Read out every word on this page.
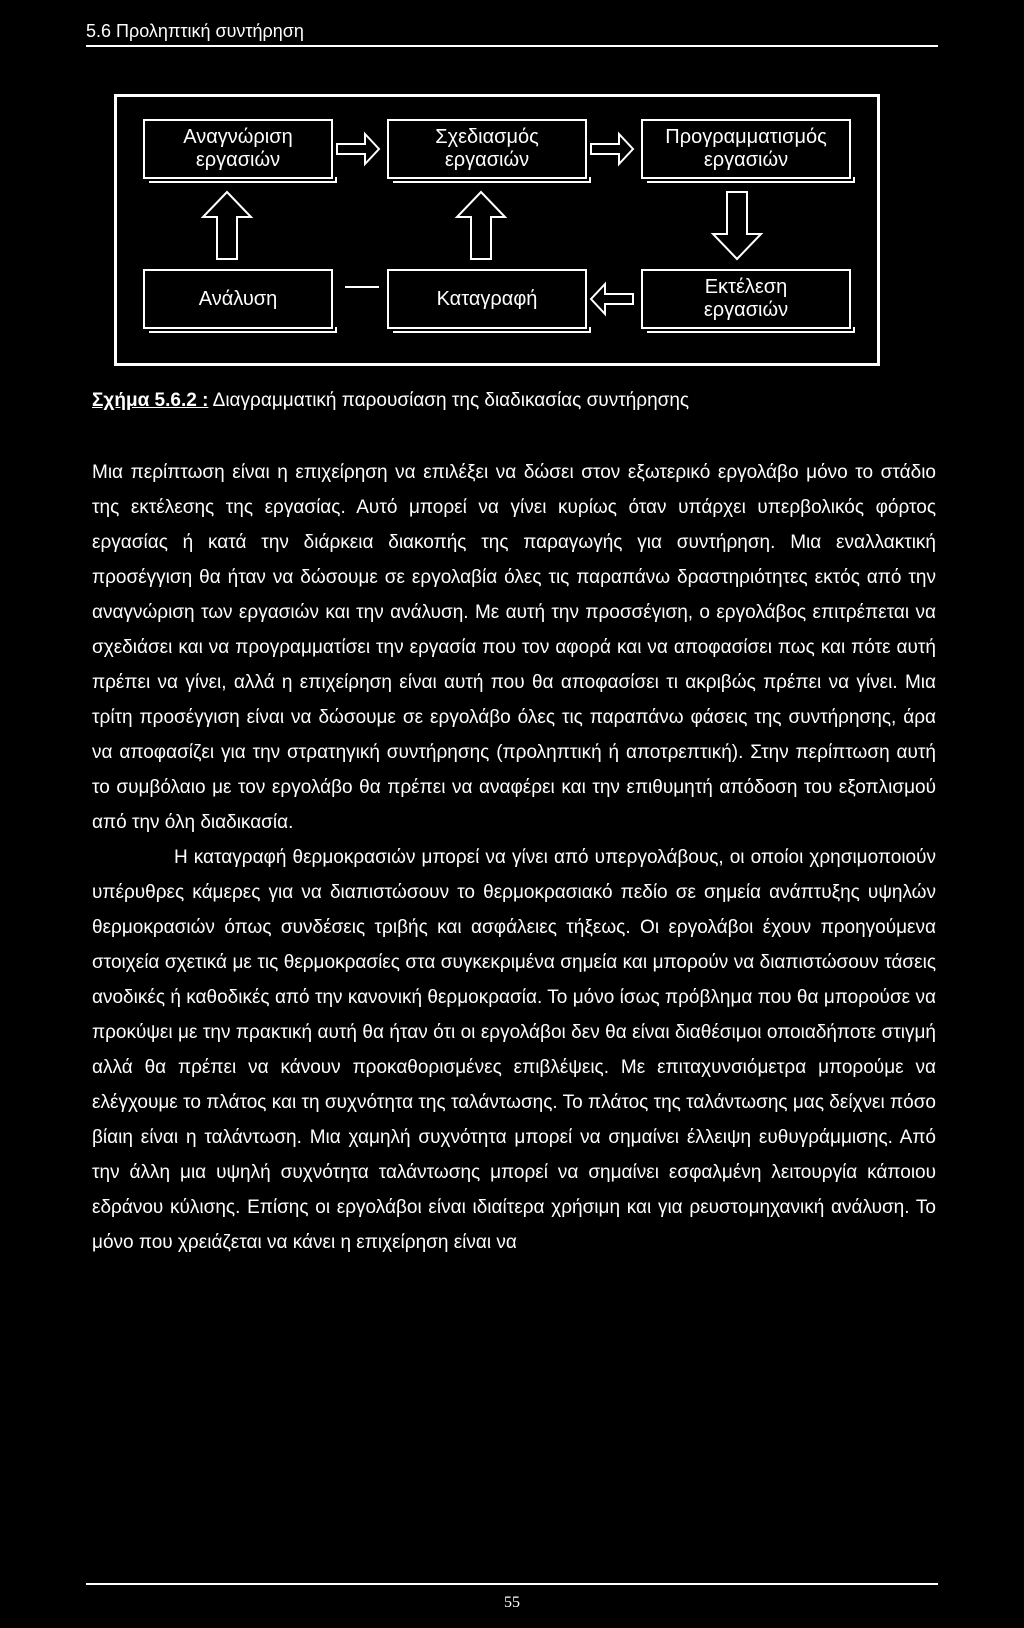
5.6 Προληπτική συντήρηση
Αναγνώριση
εργασιών
Σχεδιασμός
εργασιών
Προγραμματισμός
εργασιών
Ανάλυση	Καταγραφή
Εκτέλεση
εργασιών
Σχήμα 5.6.2 : Διαγραμματική παρουσίαση της διαδικασίας συντήρησης

Μια περίπτωση είναι η επιχείρηση να επιλέξει να δώσει στον εξωτερικό εργολάβο μόνο το στάδιο της εκτέλεσης της εργασίας. Αυτό μπορεί να γίνει κυρίως όταν υπάρχει υπερβολικός φόρτος εργασίας ή κατά την διάρκεια διακοπής της παραγωγής για συντήρηση. Μια εναλλακτική προσέγγιση θα ήταν να δώσουμε σε εργολαβία όλες τις παραπάνω δραστηριότητες εκτός από την αναγνώριση των εργασιών και την ανάλυση. Με αυτή την προσσέγιση, ο εργολάβος επιτρέπεται να σχεδιάσει και να προγραμματίσει την εργασία που τον αφορά και να αποφασίσει πως και πότε αυτή πρέπει να γίνει, αλλά η επιχείρηση είναι αυτή που θα αποφασίσει τι ακριβώς πρέπει να γίνει. Μια τρίτη προσέγγιση είναι να δώσουμε σε εργολάβο όλες τις παραπάνω φάσεις της συντήρησης, άρα να αποφασίζει για την στρατηγική συντήρησης (προληπτική ή αποτρεπτική). Στην περίπτωση αυτή το συμβόλαιο με τον εργολάβο θα πρέπει να αναφέρει και την επιθυμητή απόδοση του εξοπλισμού από την όλη διαδικασία.

Η καταγραφή θερμοκρασιών μπορεί να γίνει από υπεργολάβους, οι οποίοι χρησιμοποιούν υπέρυθρες κάμερες για να διαπιστώσουν το θερμοκρασιακό πεδίο σε σημεία ανάπτυξης υψηλών θερμοκρασιών όπως συνδέσεις τριβής και ασφάλειες τήξεως. Οι εργολάβοι έχουν προηγούμενα στοιχεία σχετικά με τις θερμοκρασίες στα συγκεκριμένα σημεία και μπορούν να διαπιστώσουν τάσεις ανοδικές ή καθοδικές από την κανονική θερμοκρασία. Το μόνο ίσως πρόβλημα που θα μπορούσε να προκύψει με την πρακτική αυτή θα ήταν ότι οι εργολάβοι δεν θα είναι διαθέσιμοι οποιαδήποτε στιγμή αλλά θα πρέπει να κάνουν προκαθορισμένες επιβλέψεις. Με επιταχυνσιόμετρα μπορούμε να ελέγχουμε το πλάτος και τη συχνότητα της ταλάντωσης. Το πλάτος της ταλάντωσης μας δείχνει πόσο βίαιη είναι η ταλάντωση. Μια χαμηλή συχνότητα μπορεί να σημαίνει έλλειψη ευθυγράμμισης. Από την άλλη μια υψηλή συχνότητα ταλάντωσης μπορεί να σημαίνει εσφαλμένη λειτουργία κάποιου εδράνου κύλισης. Επίσης οι εργολάβοι είναι ιδιαίτερα χρήσιμη και για ρευστομηχανική ανάλυση. Το μόνο που χρειάζεται να κάνει η επιχείρηση είναι να

55
